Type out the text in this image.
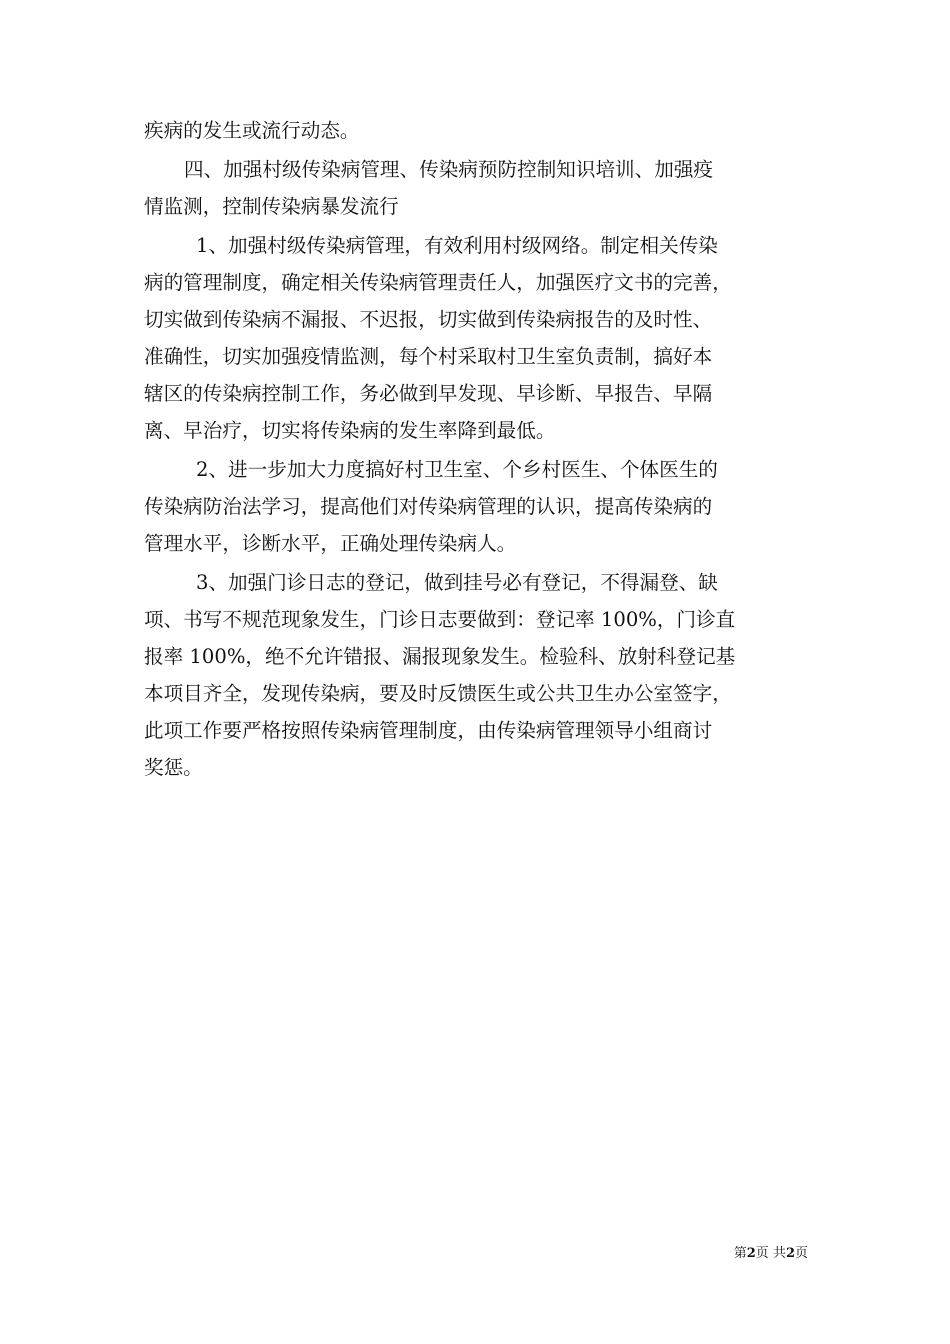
疾病的发生或流行动态。
四、加强村级传染病管理、传染病预防控制知识培训、加强疫
情监测，控制传染病暴发流行
1、加强村级传染病管理，有效利用村级网络。制定相关传染
病的管理制度，确定相关传染病管理责任人，加强医疗文书的完善，
切实做到传染病不漏报、不迟报，切实做到传染病报告的及时性、
准确性，切实加强疫情监测，每个村采取村卫生室负责制，搞好本
辖区的传染病控制工作，务必做到早发现、早诊断、早报告、早隔
离、早治疗，切实将传染病的发生率降到最低。
2、进一步加大力度搞好村卫生室、个乡村医生、个体医生的
传染病防治法学习，提高他们对传染病管理的认识，提高传染病的
管理水平，诊断水平，正确处理传染病人。
3、加强门诊日志的登记，做到挂号必有登记，不得漏登、缺
项、书写不规范现象发生，门诊日志要做到：登记率 100%，门诊直
报率 100%，绝不允许错报、漏报现象发生。检验科、放射科登记基
本项目齐全，发现传染病，要及时反馈医生或公共卫生办公室签字，
此项工作要严格按照传染病管理制度，由传染病管理领导小组商讨
奖惩。
第2页 共2页
